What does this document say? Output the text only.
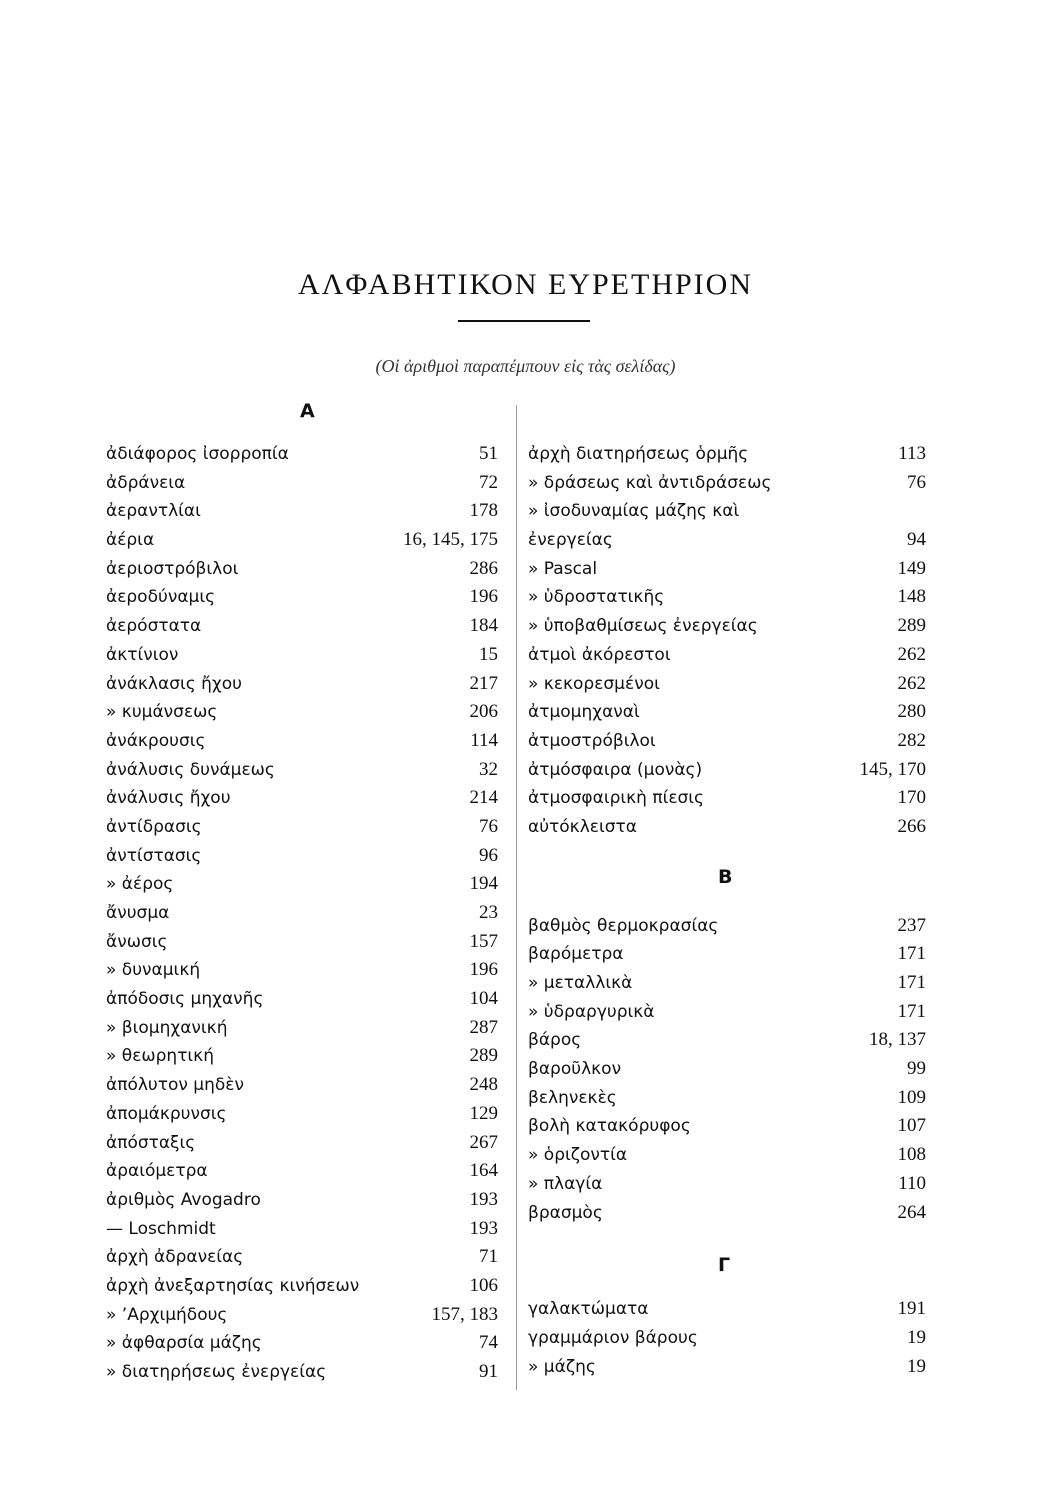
ΑΛΦΑΒΗΤΙΚΟΝ ΕΥΡΕΤΗΡΙΟΝ
(Οἱ ἀριθμοὶ παραπέμπουν εἰς τὰς σελίδας)
Α
Β
Γ
ἀδιάφορος ἰσορροπία	51
ἀδράνεια	72
ἀεραντλίαι	178
ἀέρια	16, 145, 175
ἀεριοστρόβιλοι	286
ἀεροδύναμις	196
ἀερόστατα	184
ἀκτίνιον	15
ἀνάκλασις ἤχου	217
» κυμάνσεως	206
ἀνάκρουσις	114
ἀνάλυσις δυνάμεως	32
ἀνάλυσις ἤχου	214
ἀντίδρασις	76
ἀντίστασις	96
» ἀέρος	194
ἄνυσμα	23
ἄνωσις	157
» δυναμική	196
ἀπόδοσις μηχανῆς	104
» βιομηχανική	287
» θεωρητική	289
ἀπόλυτον μηδὲν	248
ἀπομάκρυνσις	129
ἀπόσταξις	267
ἀραιόμετρα	164
ἀριθμὸς Avogadro	193
— Loschmidt	193
ἀρχὴ ἀδρανείας	71
ἀρχὴ ἀνεξαρτησίας κινήσεων	106
» ’Αρχιμήδους	157, 183
» ἀφθαρσία μάζης	74
» διατηρήσεως ἐνεργείας	91
ἀρχὴ διατηρήσεως ὁρμῆς	113
» δράσεως καὶ ἀντιδράσεως	76
» ἰσοδυναμίας μάζης καὶ
ἐνεργείας	94
» Pascal	149
» ὑδροστατικῆς	148
» ὑποβαθμίσεως ἐνεργείας	289
ἀτμοὶ ἀκόρεστοι	262
» κεκορεσμένοι	262
ἀτμομηχαναὶ	280
ἀτμοστρόβιλοι	282
ἀτμόσφαιρα (μονὰς)	145, 170
ἀτμοσφαιρικὴ πίεσις	170
αὐτόκλειστα	266
βαθμὸς θερμοκρασίας	237
βαρόμετρα	171
» μεταλλικὰ	171
» ὑδραργυρικὰ	171
βάρος	18, 137
βαροῦλκον	99
βεληνεκὲς	109
βολὴ κατακόρυφος	107
» ὁριζοντία	108
» πλαγία	110
βρασμὸς	264
γαλακτώματα	191
γραμμάριον βάρους	19
» μάζης	19
